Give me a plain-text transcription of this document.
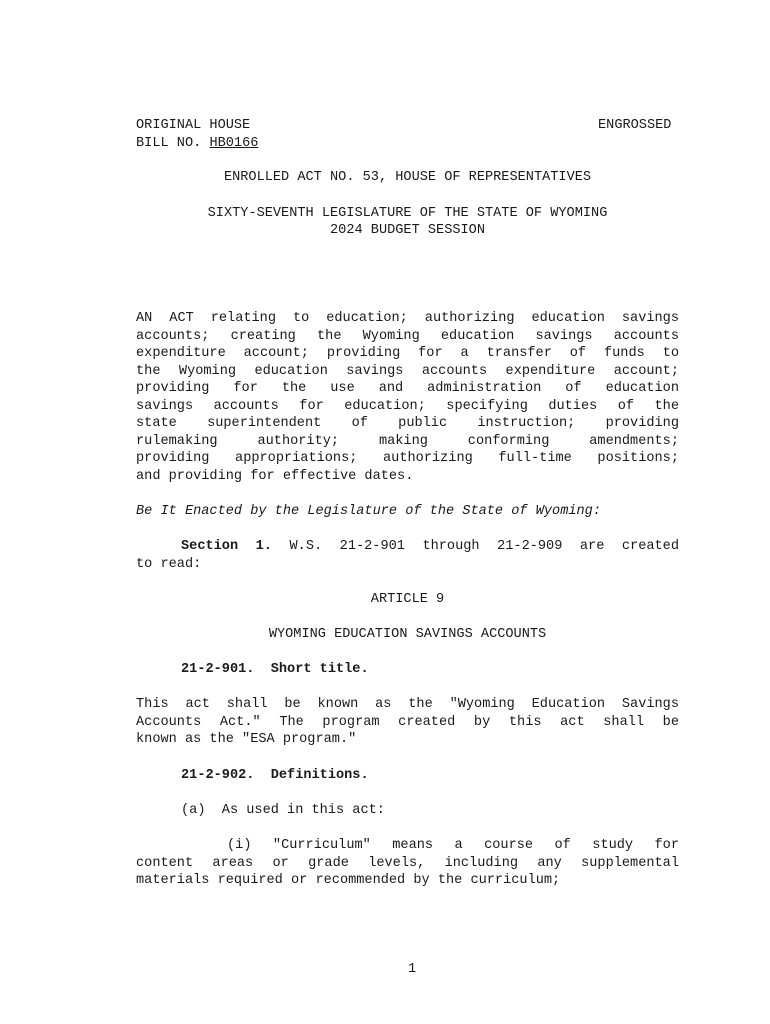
ORIGINAL HOUSE	ENGROSSED
BILL NO. HB0166
ENROLLED ACT NO. 53, HOUSE OF REPRESENTATIVES
SIXTY-SEVENTH LEGISLATURE OF THE STATE OF WYOMING
2024 BUDGET SESSION
AN ACT relating to education; authorizing education savings
accounts; creating the Wyoming education savings accounts
expenditure account; providing for a transfer of funds to
the Wyoming education savings accounts expenditure account;
providing for the use and administration of education
savings accounts for education; specifying duties of the
state superintendent of public instruction; providing
rulemaking authority; making conforming amendments;
providing appropriations; authorizing full-time positions;
and providing for effective dates.
Be It Enacted by the Legislature of the State of Wyoming:
Section 1. W.S. 21-2-901 through 21-2-909 are created
to read:
ARTICLE 9
WYOMING EDUCATION SAVINGS ACCOUNTS
21-2-901.  Short title.
This act shall be known as the "Wyoming Education Savings
Accounts Act." The program created by this act shall be
known as the "ESA program."
21-2-902.  Definitions.
(a)  As used in this act:
(i) "Curriculum" means a course of study for
content areas or grade levels, including any supplemental
materials required or recommended by the curriculum;
1
